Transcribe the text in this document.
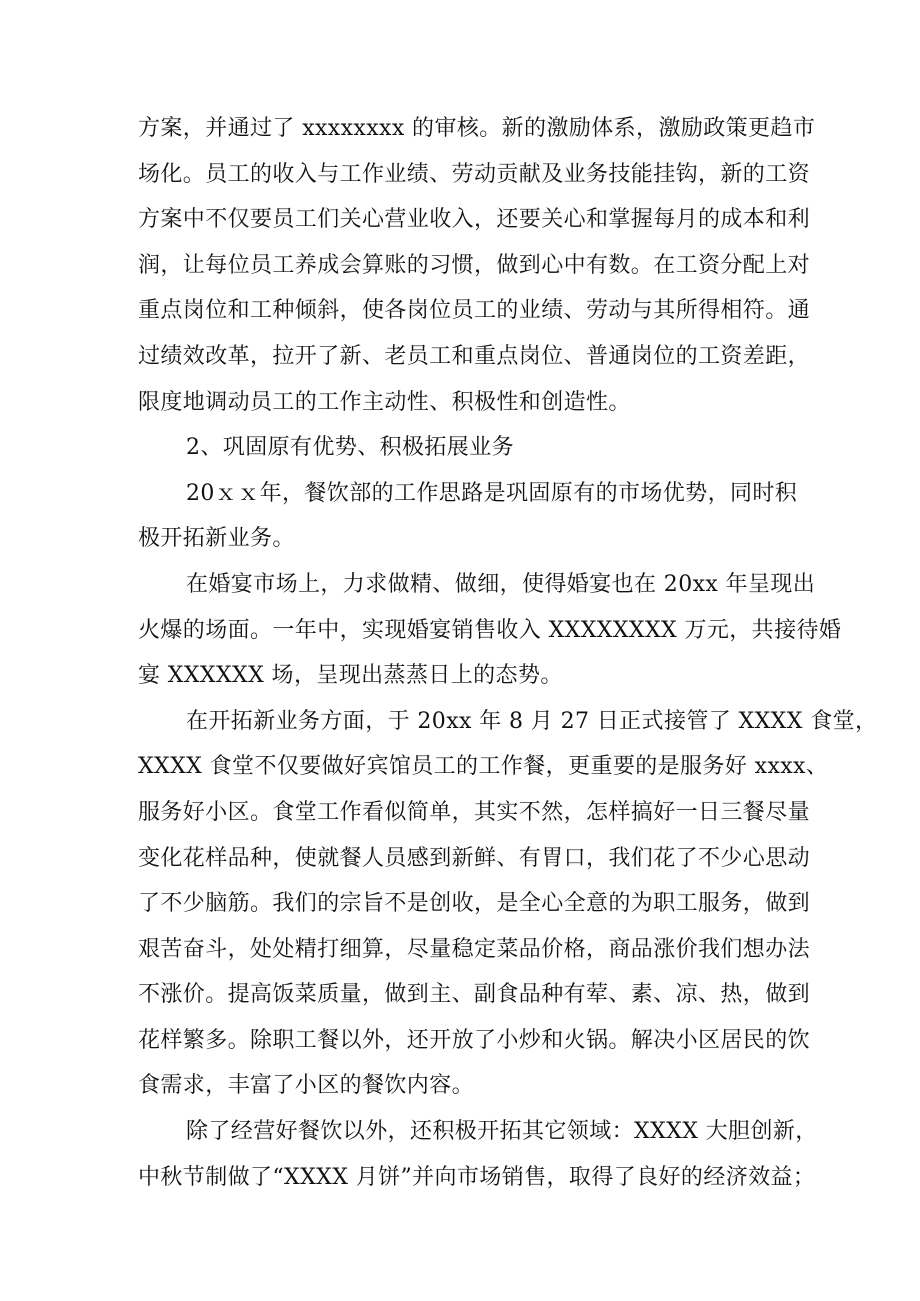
方案，并通过了 xxxxxxxx 的审核。新的激励体系，激励政策更趋市
场化。员工的收入与工作业绩、劳动贡献及业务技能挂钩，新的工资
方案中不仅要员工们关心营业收入，还要关心和掌握每月的成本和利
润，让每位员工养成会算账的习惯，做到心中有数。在工资分配上对
重点岗位和工种倾斜，使各岗位员工的业绩、劳动与其所得相符。通
过绩效改革，拉开了新、老员工和重点岗位、普通岗位的工资差距，
限度地调动员工的工作主动性、积极性和创造性。
2、巩固原有优势、积极拓展业务
20ｘｘ年，餐饮部的工作思路是巩固原有的市场优势，同时积
极开拓新业务。
在婚宴市场上，力求做精、做细，使得婚宴也在 20xx 年呈现出
火爆的场面。一年中，实现婚宴销售收入 XXXXXXXX 万元，共接待婚
宴 XXXXXX 场，呈现出蒸蒸日上的态势。
在开拓新业务方面，于 20xx 年 8 月 27 日正式接管了 XXXX 食堂，
XXXX 食堂不仅要做好宾馆员工的工作餐，更重要的是服务好 xxxx、
服务好小区。食堂工作看似简单，其实不然，怎样搞好一日三餐尽量
变化花样品种，使就餐人员感到新鲜、有胃口，我们花了不少心思动
了不少脑筋。我们的宗旨不是创收，是全心全意的为职工服务，做到
艰苦奋斗，处处精打细算，尽量稳定菜品价格，商品涨价我们想办法
不涨价。提高饭菜质量，做到主、副食品种有荤、素、凉、热，做到
花样繁多。除职工餐以外，还开放了小炒和火锅。解决小区居民的饮
食需求，丰富了小区的餐饮内容。
除了经营好餐饮以外，还积极开拓其它领域：XXXX 大胆创新，
中秋节制做了“XXXX 月饼”并向市场销售，取得了良好的经济效益；
